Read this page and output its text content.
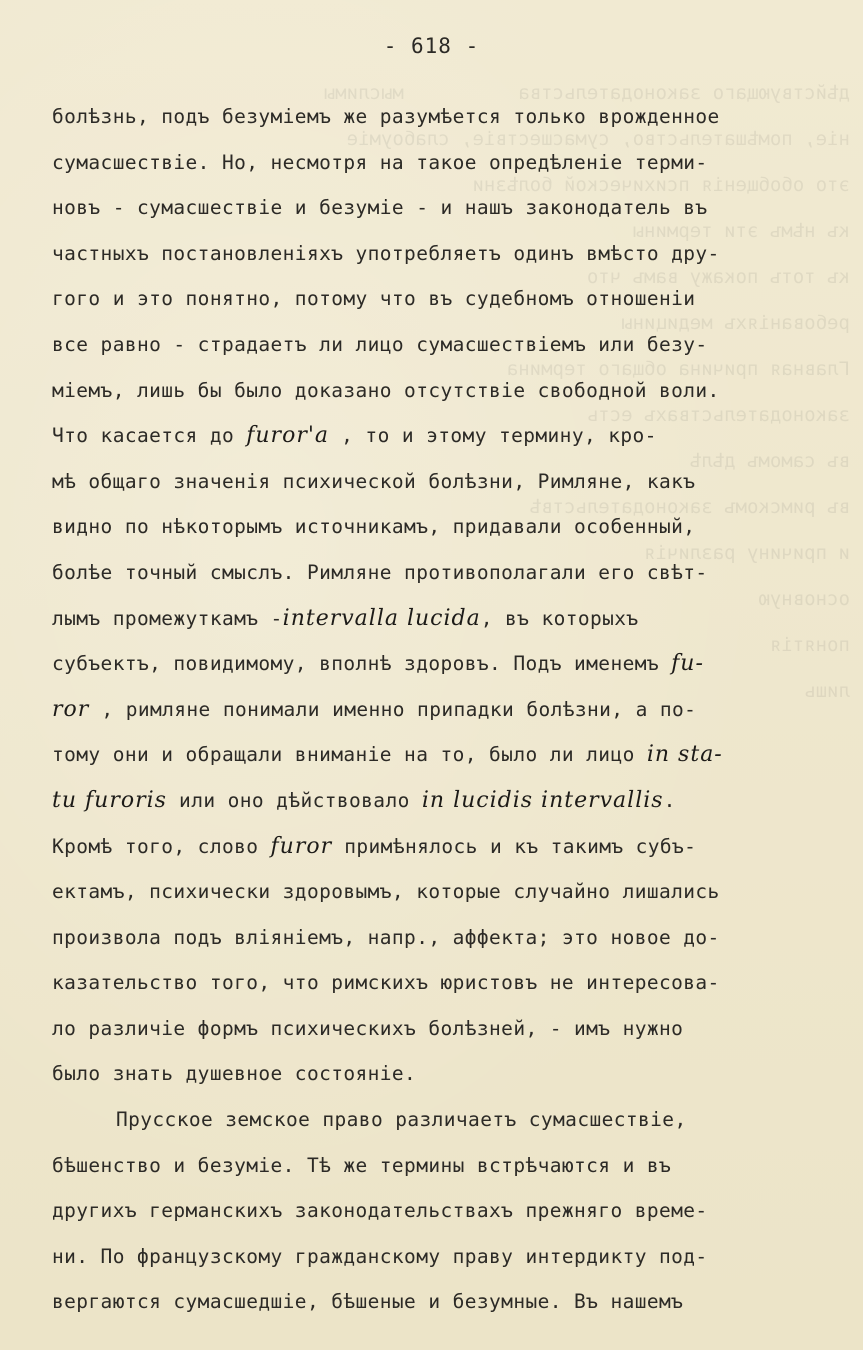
дѣйствующаго законодательства          мыслимы
ніе, помѣшательство, сумасшествіе, слабоуміе
это обобщенія психической болѣзни
къ нѣмъ эти термины
къ тотъ покажу вамъ что
ребованіяхъ медицины
Главная причина общаго термина
законодательствахъ есть
въ самомъ дѣлѣ
въ римскомъ законодательствѣ
и причину различія
основную
понятія
лишь

- 618 -
болѣзнь, подъ безуміемъ же разумѣется только врожденное
сумасшествіе. Но, несмотря на такое опредѣленіе терми-
новъ - сумасшествіе и безуміе - и нашъ законодатель въ
частныхъ постановленіяхъ употребляетъ одинъ вмѣсто дру-
гого и это понятно, потому что въ судебномъ отношеніи
все равно - страдаетъ ли лицо сумасшествіемъ или безу-
міемъ, лишь бы было доказано отсутствіе свободной воли.
Что касается до furor'a , то и этому термину, кро-
мѣ общаго значенія психической болѣзни, Римляне, какъ
видно по нѣкоторымъ источникамъ, придавали особенный,
болѣе точный смыслъ. Римляне противополагали его свѣт-
лымъ промежуткамъ -intervalla lucida, въ которыхъ
субъектъ, повидимому, вполнѣ здоровъ. Подъ именемъ fu-
ror , римляне понимали именно припадки болѣзни, а по-
тому они и обращали вниманіе на то, было ли лицо in sta-
tu furoris или оно дѣйствовало in lucidis intervallis.
Кромѣ того, слово furor примѣнялось и къ такимъ субъ-
ектамъ, психически здоровымъ, которые случайно лишались
произвола подъ вліяніемъ, напр., аффекта; это новое до-
казательство того, что римскихъ юристовъ не интересова-
ло различіе формъ психическихъ болѣзней, - имъ нужно
было знать душевное состояніе.
Прусское земское право различаетъ сумасшествіе,
бѣшенство и безуміе. Тѣ же термины встрѣчаются и въ
другихъ германскихъ законодательствахъ прежняго време-
ни. По французскому гражданскому праву интердикту под-
вергаются сумасшедшіе, бѣшеные и безумные. Въ нашемъ
